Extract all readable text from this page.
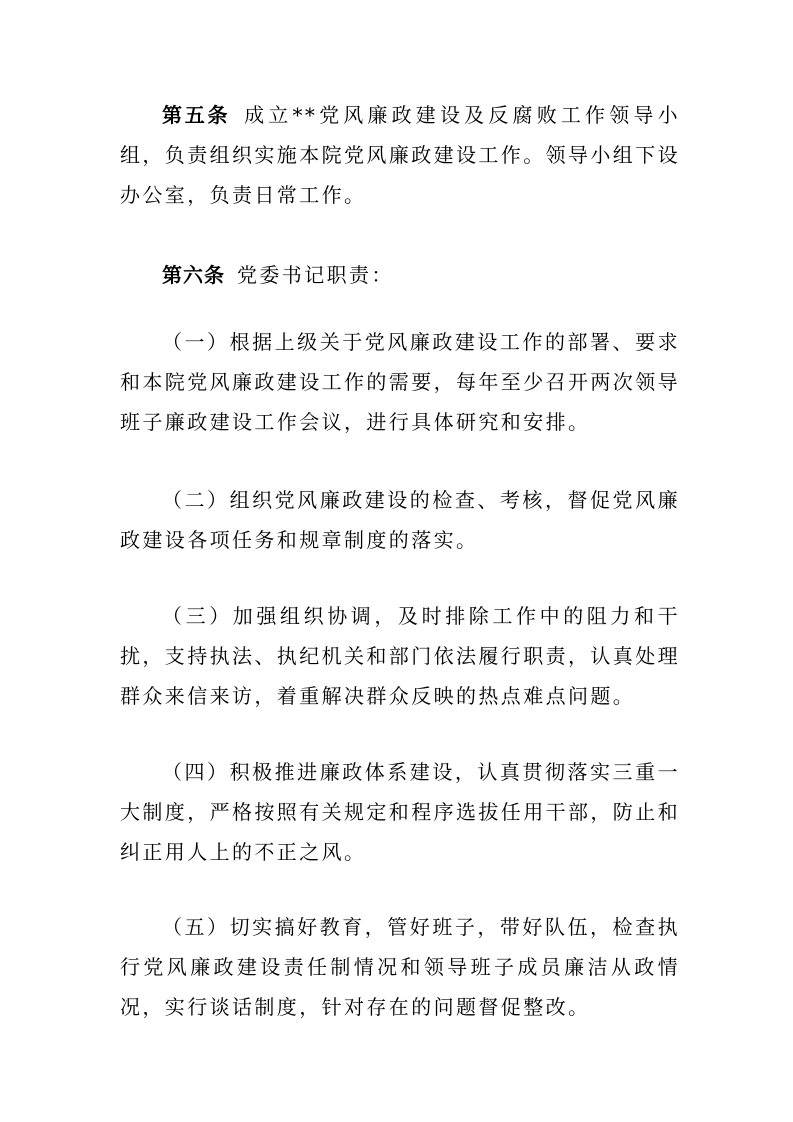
第五条 成立**党风廉政建设及反腐败工作领导小组，负责组织实施本院党风廉政建设工作。领导小组下设办公室，负责日常工作。

第六条 党委书记职责：

（一）根据上级关于党风廉政建设工作的部署、要求和本院党风廉政建设工作的需要，每年至少召开两次领导班子廉政建设工作会议，进行具体研究和安排。

（二）组织党风廉政建设的检查、考核，督促党风廉政建设各项任务和规章制度的落实。

（三）加强组织协调，及时排除工作中的阻力和干扰，支持执法、执纪机关和部门依法履行职责，认真处理群众来信来访，着重解决群众反映的热点难点问题。

（四）积极推进廉政体系建设，认真贯彻落实三重一大制度，严格按照有关规定和程序选拔任用干部，防止和纠正用人上的不正之风。

（五）切实搞好教育，管好班子，带好队伍，检查执行党风廉政建设责任制情况和领导班子成员廉洁从政情况，实行谈话制度，针对存在的问题督促整改。
